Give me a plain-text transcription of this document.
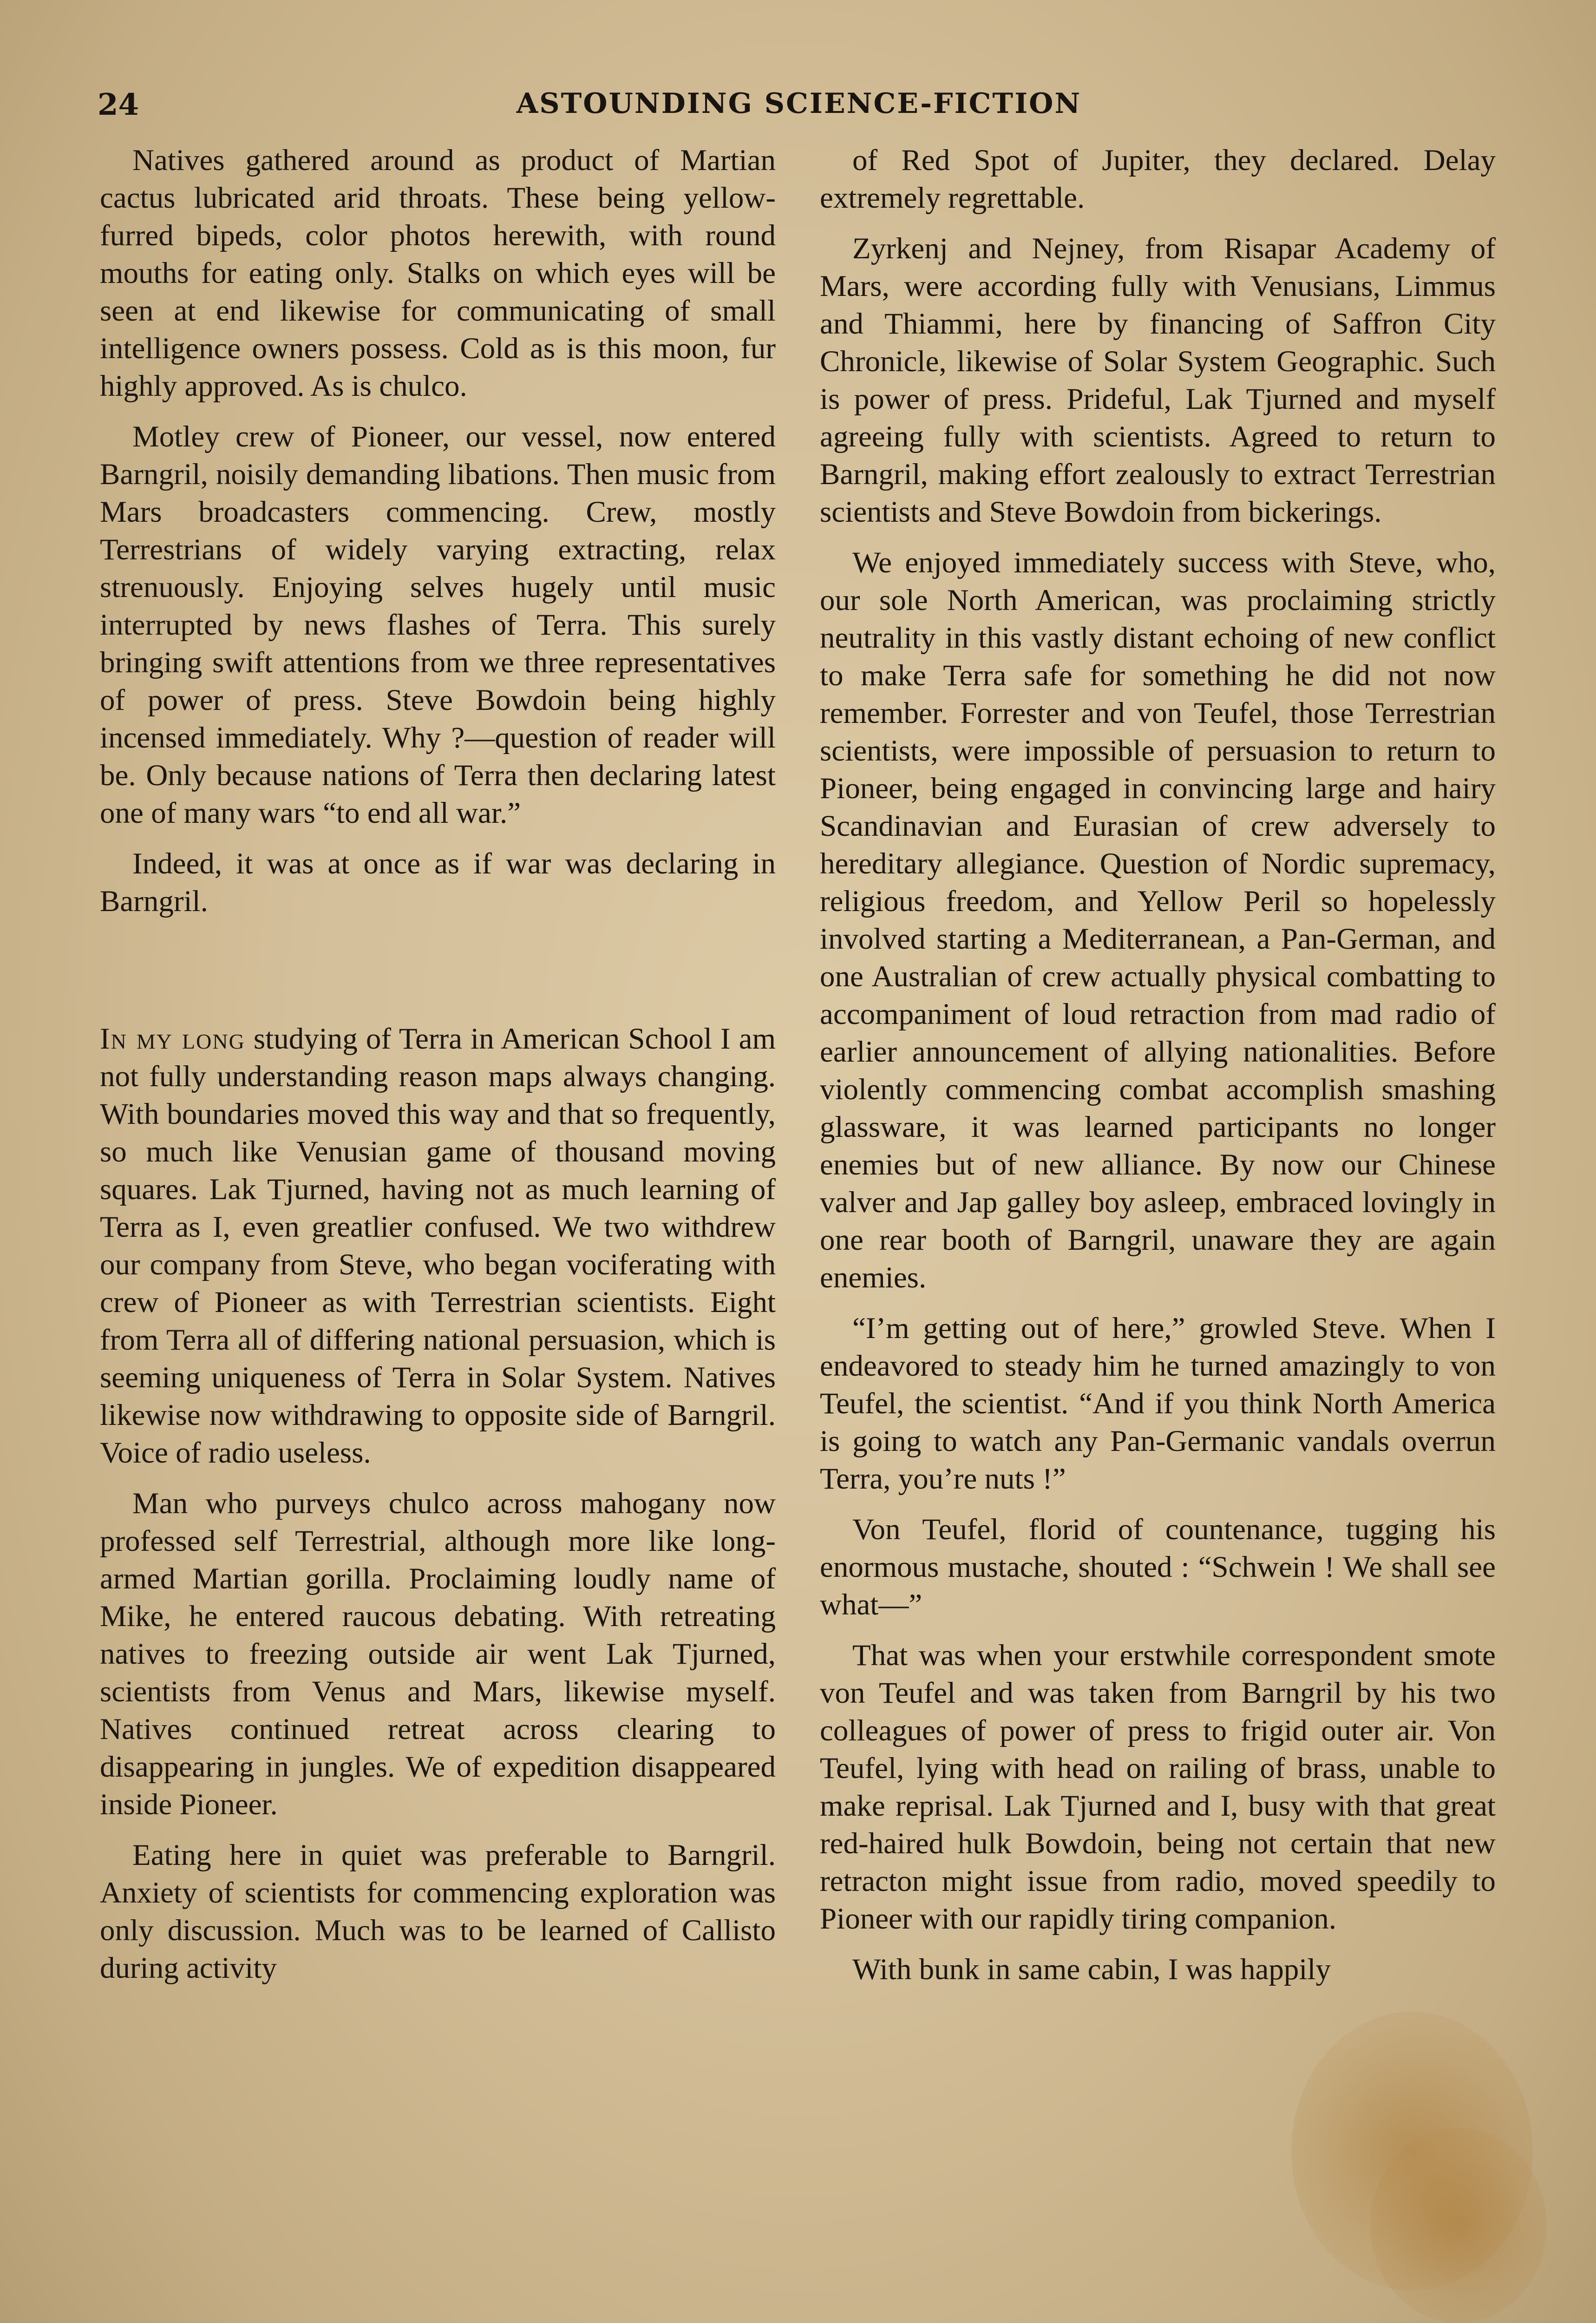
24	ASTOUNDING SCIENCE-FICTION

Natives gathered around as product of Martian cactus lubricated arid throats. These being yellow-furred bipeds, color photos herewith, with round mouths for eating only. Stalks on which eyes will be seen at end likewise for communicating of small intelligence owners possess. Cold as is this moon, fur highly approved. As is chulco.

Motley crew of Pioneer, our vessel, now entered Barngril, noisily demanding libations. Then music from Mars broadcasters commencing. Crew, mostly Terrestrians of widely varying extracting, relax strenuously. Enjoying selves hugely until music interrupted by news flashes of Terra. This surely bringing swift attentions from we three representatives of power of press. Steve Bowdoin being highly incensed immediately. Why ?—question of reader will be. Only because nations of Terra then declaring latest one of many wars “to end all war.”

Indeed, it was at once as if war was declaring in Barngril.

In my long studying of Terra in American School I am not fully understanding reason maps always changing. With boundaries moved this way and that so frequently, so much like Venusian game of thousand moving squares. Lak Tjurned, having not as much learning of Terra as I, even greatlier confused. We two withdrew our company from Steve, who began vociferating with crew of Pioneer as with Terrestrian scientists. Eight from Terra all of differing national persuasion, which is seeming uniqueness of Terra in Solar System. Natives likewise now withdrawing to opposite side of Barngril. Voice of radio useless.

Man who purveys chulco across mahogany now professed self Terrestrial, although more like long-armed Martian gorilla. Proclaiming loudly name of Mike, he entered raucous debating. With retreating natives to freezing outside air went Lak Tjurned, scientists from Venus and Mars, likewise myself. Natives continued retreat across clearing to disappearing in jungles. We of expedition disappeared inside Pioneer.

Eating here in quiet was preferable to Barngril. Anxiety of scientists for commencing exploration was only discussion. Much was to be learned of Callisto during activity

of Red Spot of Jupiter, they declared. Delay extremely regrettable.

Zyrkenj and Nejney, from Risapar Academy of Mars, were according fully with Venusians, Limmus and Thiammi, here by financing of Saffron City Chronicle, likewise of Solar System Geographic. Such is power of press. Prideful, Lak Tjurned and myself agreeing fully with scientists. Agreed to return to Barngril, making effort zealously to extract Terrestrian scientists and Steve Bowdoin from bickerings.

We enjoyed immediately success with Steve, who, our sole North American, was proclaiming strictly neutrality in this vastly distant echoing of new conflict to make Terra safe for something he did not now remember. Forrester and von Teufel, those Terrestrian scientists, were impossible of persuasion to return to Pioneer, being engaged in convincing large and hairy Scandinavian and Eurasian of crew adversely to hereditary allegiance. Question of Nordic supremacy, religious freedom, and Yellow Peril so hopelessly involved starting a Mediterranean, a Pan-German, and one Australian of crew actually physical combatting to accompaniment of loud retraction from mad radio of earlier announcement of allying nationalities. Before violently commencing combat accomplish smashing glassware, it was learned participants no longer enemies but of new alliance. By now our Chinese valver and Jap galley boy asleep, embraced lovingly in one rear booth of Barngril, unaware they are again enemies.

“I’m getting out of here,” growled Steve. When I endeavored to steady him he turned amazingly to von Teufel, the scientist. “And if you think North America is going to watch any Pan-Germanic vandals overrun Terra, you’re nuts !”

Von Teufel, florid of countenance, tugging his enormous mustache, shouted : “Schwein ! We shall see what—”

That was when your erstwhile correspondent smote von Teufel and was taken from Barngril by his two colleagues of power of press to frigid outer air. Von Teufel, lying with head on railing of brass, unable to make reprisal. Lak Tjurned and I, busy with that great red-haired hulk Bowdoin, being not certain that new retracton might issue from radio, moved speedily to Pioneer with our rapidly tiring companion.

With bunk in same cabin, I was happily
